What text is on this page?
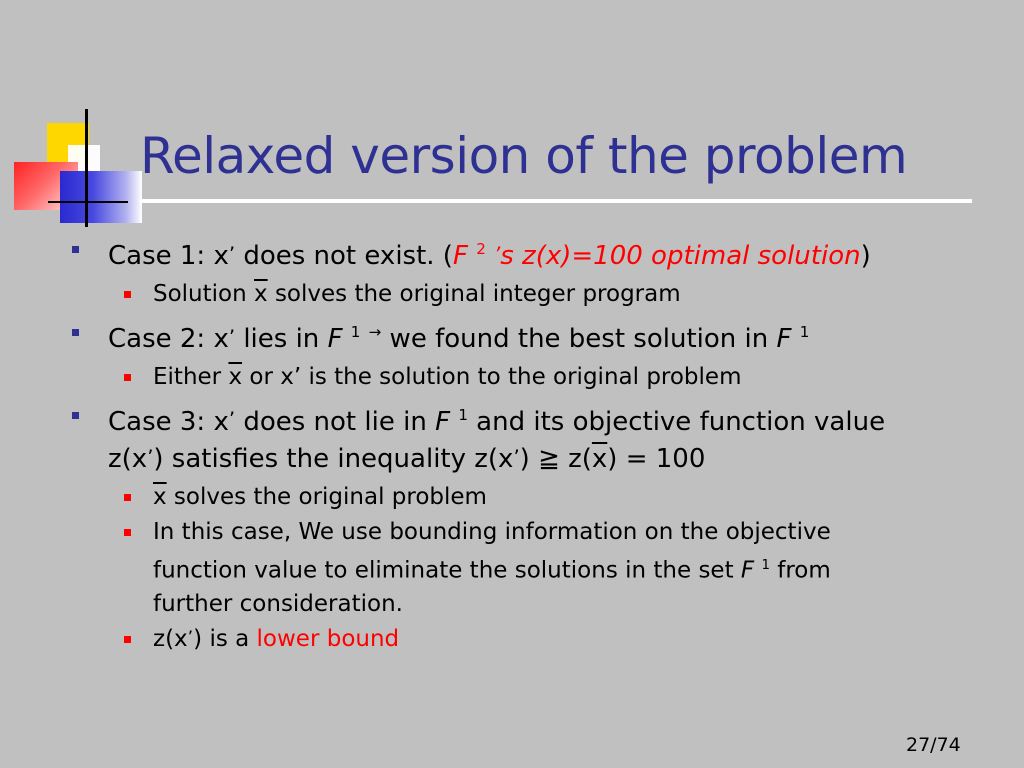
Relaxed version of the problem
Case 1: x’ does not exist. (F $^2$ ’s z(x)=100 optimal solution)
Solution $\overline{x}$ solves the original integer program
Case 2: x’ lies in F $^1$ → we found the best solution in F $^1$
Either $\overline{x}$ or x’ is the solution to the original problem
Case 3: x’ does not lie in F $^1$ and its objective function value
z(x’) satisfies the inequality z(x’) ≧ $z(\overline{x}) = 100$
$\overline{x}$ solves the original problem
In this case, We use bounding information on the objective
function value to eliminate the solutions in the set F $^1$ from
further consideration.
z(x’) is a lower bound
27/74
